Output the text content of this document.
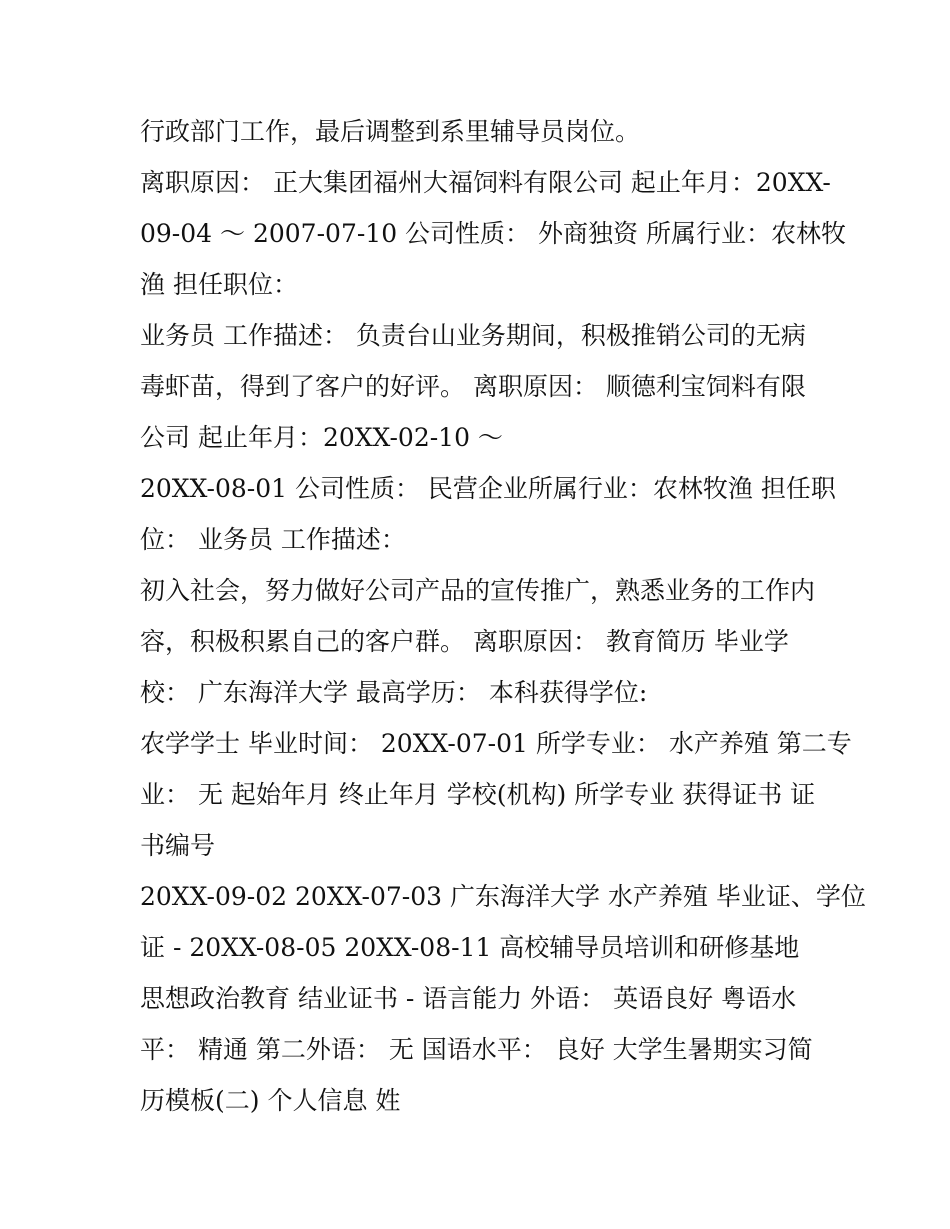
行政部门工作，最后调整到系里辅导员岗位。
离职原因： 正大集团福州大福饲料有限公司 起止年月：20XX-
09-04 ～ 2007-07-10 公司性质： 外商独资 所属行业：农林牧
渔 担任职位：
业务员 工作描述： 负责台山业务期间，积极推销公司的无病
毒虾苗，得到了客户的好评。 离职原因： 顺德利宝饲料有限
公司 起止年月：20XX-02-10 ～
20XX-08-01 公司性质： 民营企业所属行业：农林牧渔 担任职
位： 业务员 工作描述：
初入社会，努力做好公司产品的宣传推广，熟悉业务的工作内
容，积极积累自己的客户群。 离职原因： 教育简历 毕业学
校： 广东海洋大学 最高学历： 本科获得学位:
农学学士 毕业时间： 20XX-07-01 所学专业： 水产养殖 第二专
业： 无 起始年月 终止年月 学校(机构) 所学专业 获得证书 证
书编号
20XX-09-02 20XX-07-03 广东海洋大学 水产养殖 毕业证、学位
证 - 20XX-08-05 20XX-08-11 高校辅导员培训和研修基地
思想政治教育 结业证书 - 语言能力 外语： 英语良好 粤语水
平： 精通 第二外语： 无 国语水平： 良好 大学生暑期实习简
历模板(二) 个人信息 姓
